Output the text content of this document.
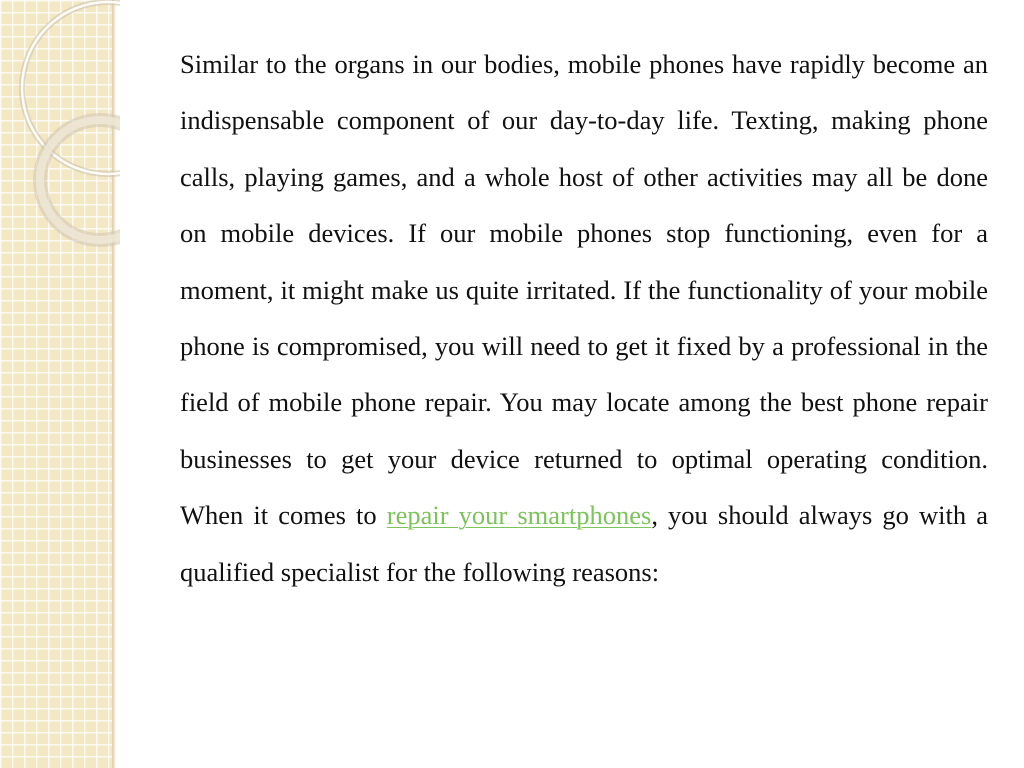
Similar to the organs in our bodies, mobile phones have rapidly become an indispensable component of our day-to-day life. Texting, making phone calls, playing games, and a whole host of other activities may all be done on mobile devices. If our mobile phones stop functioning, even for a moment, it might make us quite irritated. If the functionality of your mobile phone is compromised, you will need to get it fixed by a professional in the field of mobile phone repair. You may locate among the best phone repair businesses to get your device returned to optimal operating condition. When it comes to repair your smartphones, you should always go with a qualified specialist for the following reasons:
